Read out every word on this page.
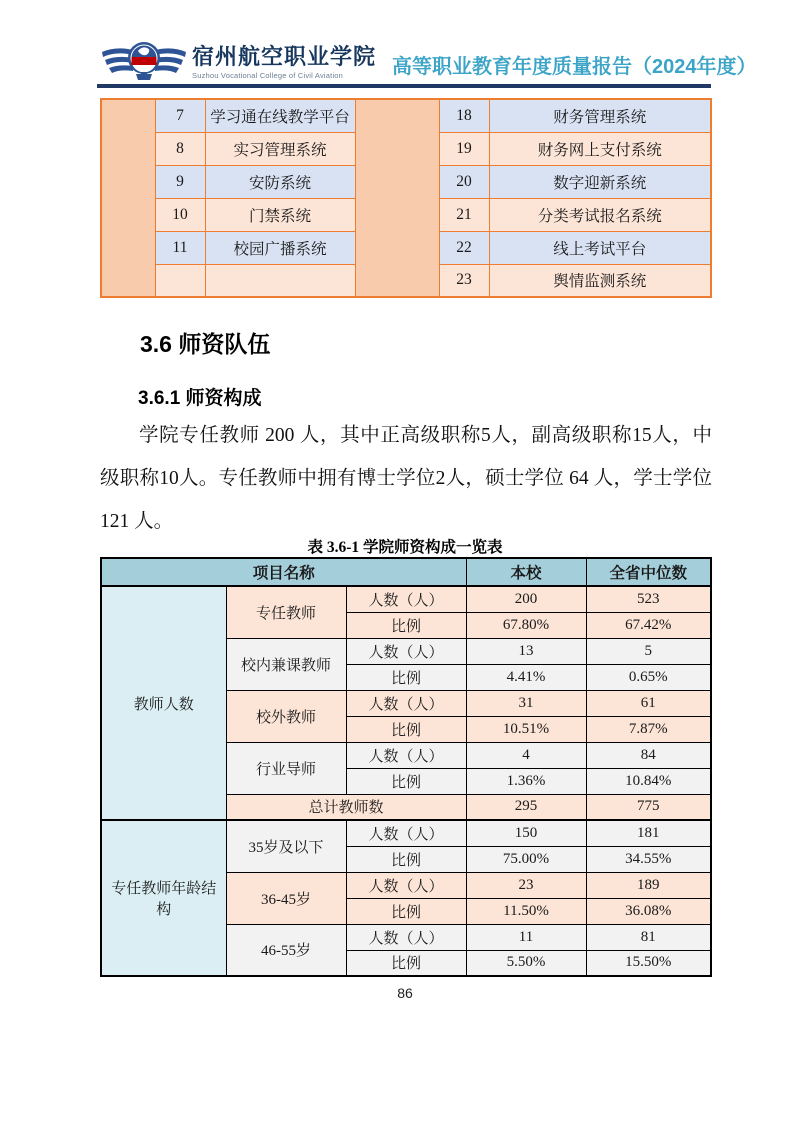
宿州航空职业学院
Suzhou Vocational College of Civil Aviation	高等职业教育年度质量报告（2024年度）
	7	学习通在线教学平台		18	财务管理系统
	8	实习管理系统		19	财务网上支付系统
	9	安防系统		20	数字迎新系统
	10	门禁系统		21	分类考试报名系统
	11	校园广播系统		22	线上考试平台
				23	舆情监测系统
3.6 师资队伍
3.6.1 师资构成
学院专任教师 200 人，其中正高级职称5人，副高级职称15人，中级职称10人。专任教师中拥有博士学位2人，硕士学位 64 人，学士学位 121 人。
表 3.6-1 学院师资构成一览表
项目名称			本校	全省中位数
教师人数	专任教师	人数（人）	200	523
		比例	67.80%	67.42%
	校内兼课教师	人数（人）	13	5
		比例	4.41%	0.65%
	校外教师	人数（人）	31	61
		比例	10.51%	7.87%
	行业导师	人数（人）	4	84
		比例	1.36%	10.84%
	总计教师数		295	775
专任教师年龄结构	35岁及以下	人数（人）	150	181
		比例	75.00%	34.55%
	36-45岁	人数（人）	23	189
		比例	11.50%	36.08%
	46-55岁	人数（人）	11	81
		比例	5.50%	15.50%
86
